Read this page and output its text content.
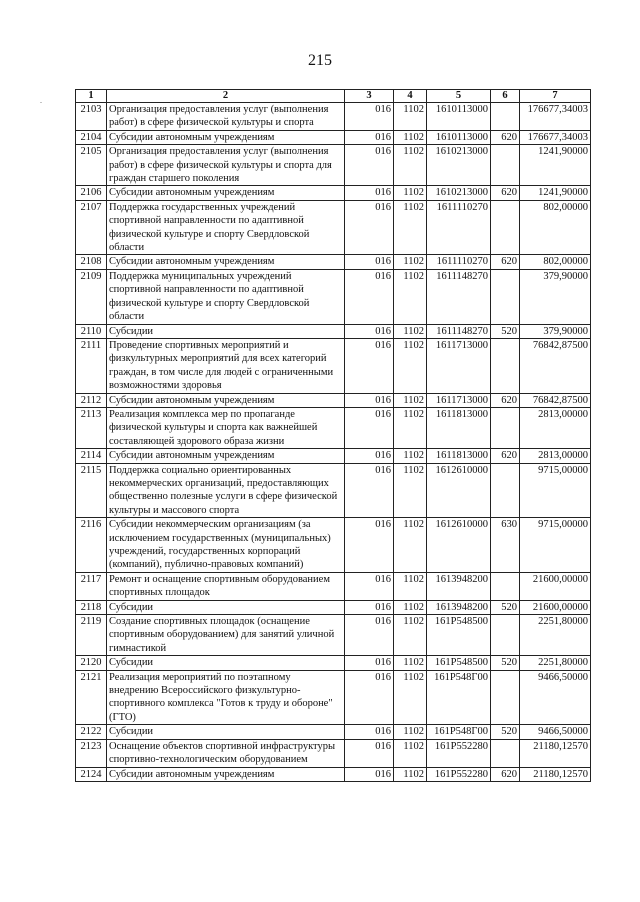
215
.	1	2	3	4	5	6	7
2103	Организация предоставления услуг (выполнения работ) в сфере физической культуры и спорта	016	1102	1610113000		176677,34003
2104	Субсидии автономным учреждениям	016	1102	1610113000	620	176677,34003
2105	Организация предоставления услуг (выполнения работ) в сфере физической культуры и спорта для граждан старшего поколения	016	1102	1610213000		1241,90000
2106	Субсидии автономным учреждениям	016	1102	1610213000	620	1241,90000
2107	Поддержка государственных учреждений спортивной направленности по адаптивной физической культуре и спорту Свердловской области	016	1102	1611110270		802,00000
2108	Субсидии автономным учреждениям	016	1102	1611110270	620	802,00000
2109	Поддержка муниципальных учреждений спортивной направленности по адаптивной физической культуре и спорту Свердловской области	016	1102	1611148270		379,90000
2110	Субсидии	016	1102	1611148270	520	379,90000
2111	Проведение спортивных мероприятий и физкультурных мероприятий для всех категорий граждан, в том числе для людей с ограниченными возможностями здоровья	016	1102	1611713000		76842,87500
2112	Субсидии автономным учреждениям	016	1102	1611713000	620	76842,87500
2113	Реализация комплекса мер по пропаганде физической культуры и спорта как важнейшей составляющей здорового образа жизни	016	1102	1611813000		2813,00000
2114	Субсидии автономным учреждениям	016	1102	1611813000	620	2813,00000
2115	Поддержка социально ориентированных некоммерческих организаций, предоставляющих общественно полезные услуги в сфере физической культуры и массового спорта	016	1102	1612610000		9715,00000
2116	Субсидии некоммерческим организациям (за исключением государственных (муниципальных) учреждений, государственных корпораций (компаний), публично-правовых компаний)	016	1102	1612610000	630	9715,00000
2117	Ремонт и оснащение спортивным оборудованием спортивных площадок	016	1102	1613948200		21600,00000
2118	Субсидии	016	1102	1613948200	520	21600,00000
2119	Создание спортивных площадок (оснащение спортивным оборудованием) для занятий уличной гимнастикой	016	1102	161P548500		2251,80000
2120	Субсидии	016	1102	161P548500	520	2251,80000
2121	Реализация мероприятий по поэтапному внедрению Всероссийского физкультурно-спортивного комплекса "Готов к труду и обороне" (ГТО)	016	1102	161P548Г00		9466,50000
2122	Субсидии	016	1102	161P548Г00	520	9466,50000
2123	Оснащение объектов спортивной инфраструктуры спортивно-технологическим оборудованием	016	1102	161P552280		21180,12570
2124	Субсидии автономным учреждениям	016	1102	161P552280	620	21180,12570
